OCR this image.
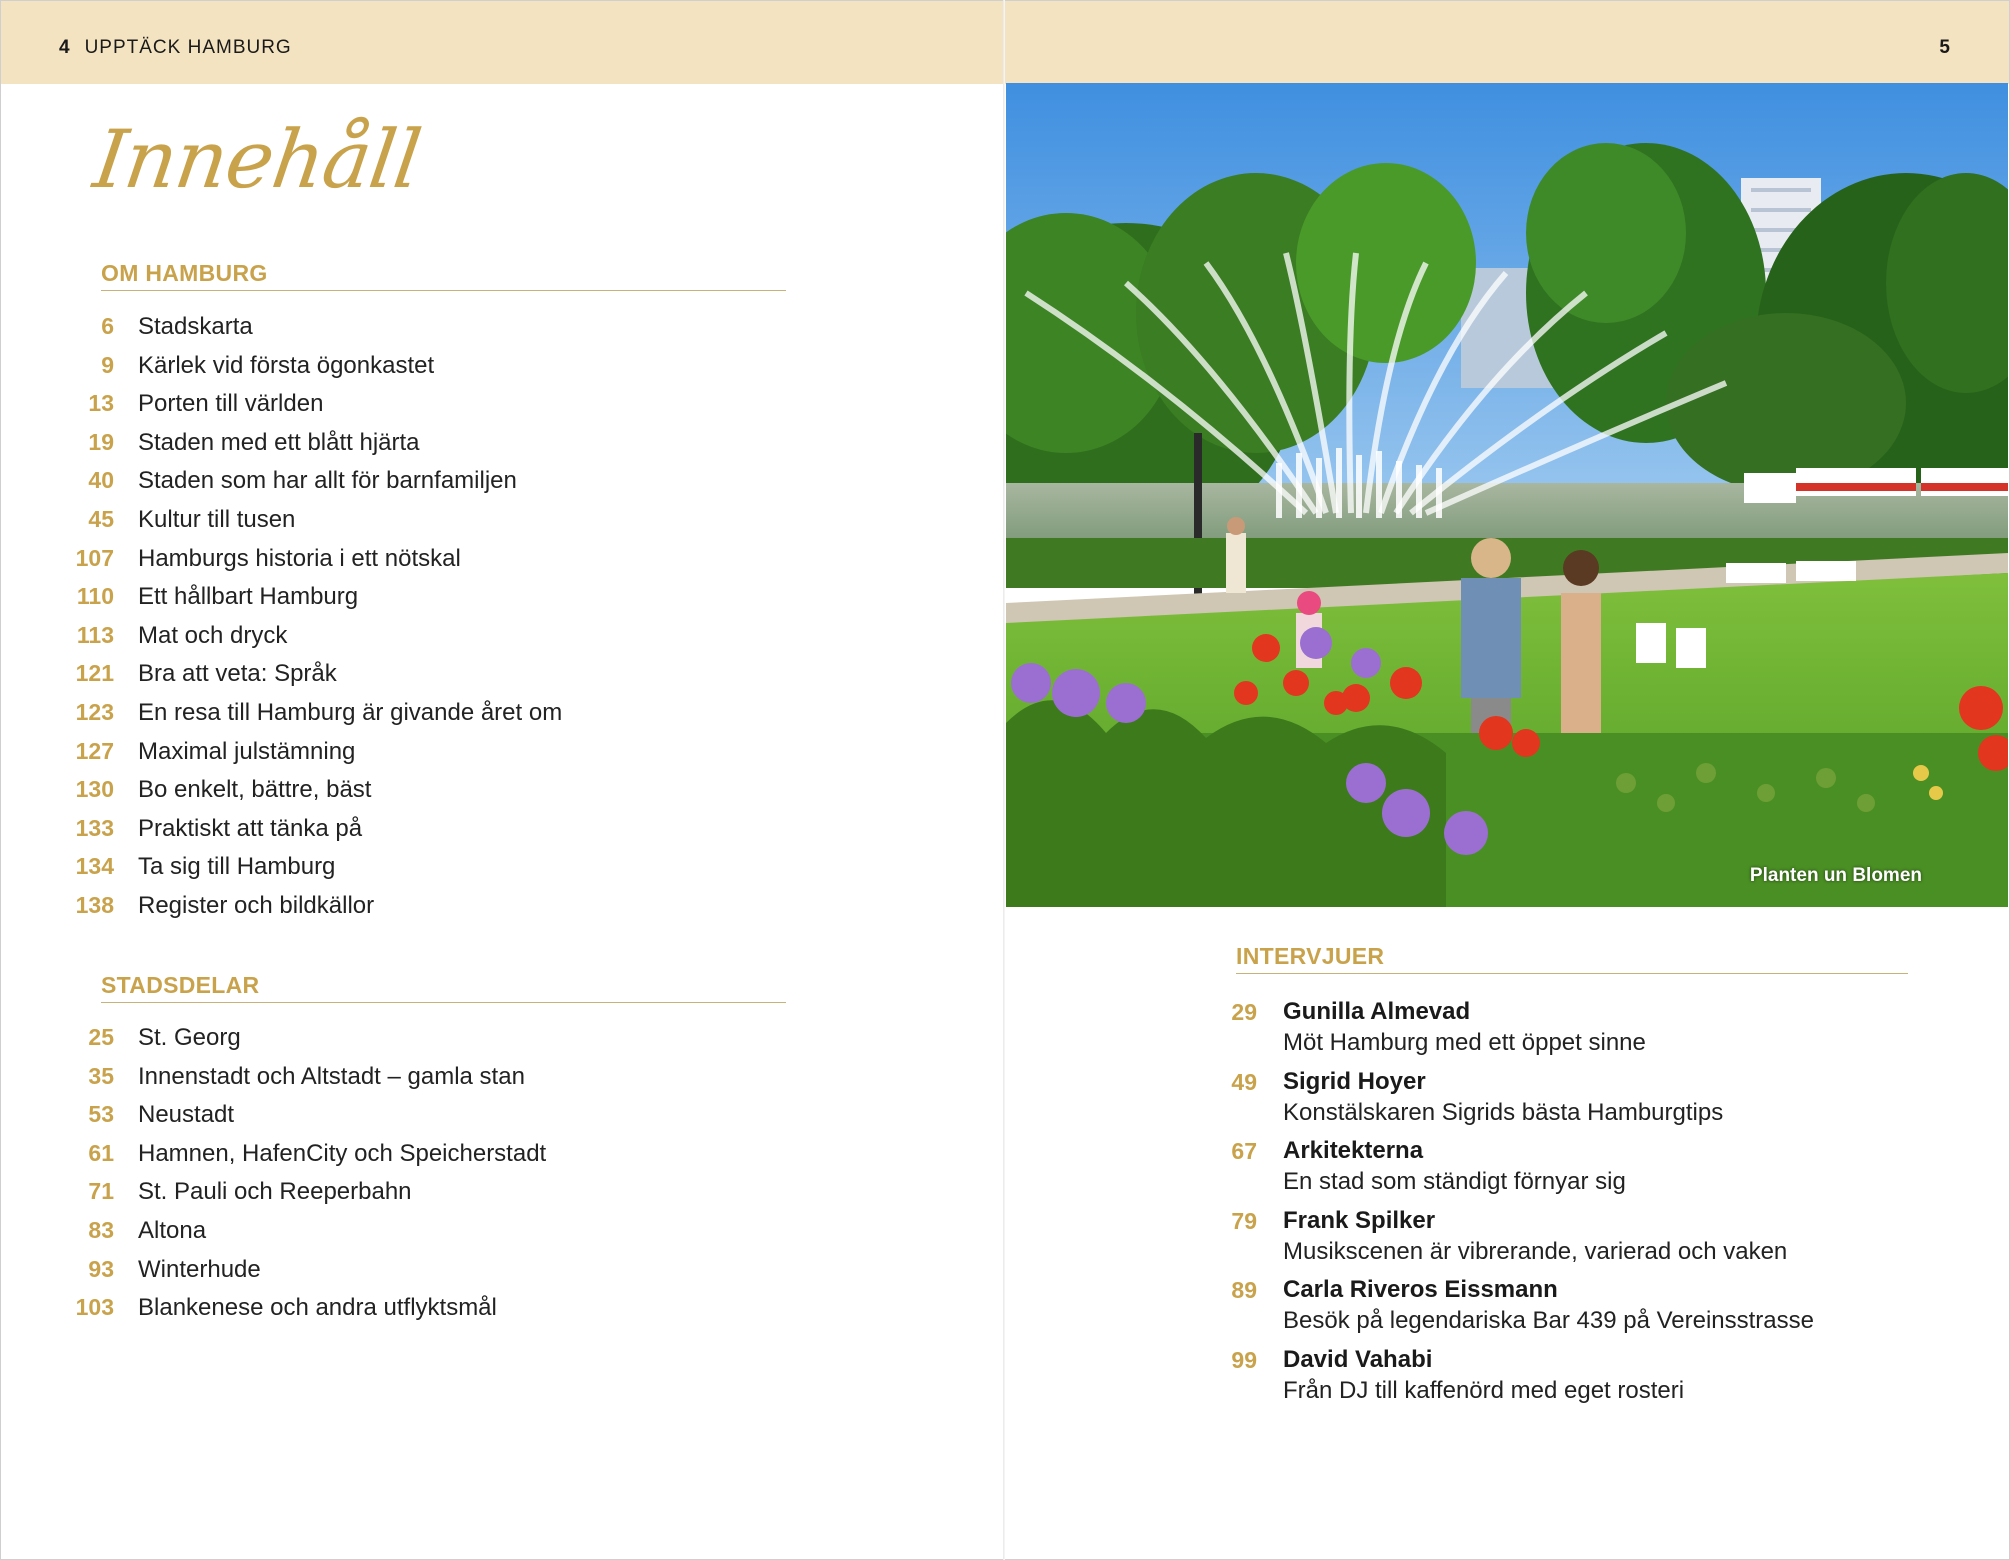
4 UPPTÄCK HAMBURG
Innehåll
OM HAMBURG
6 Stadskarta
9 Kärlek vid första ögonkastet
13 Porten till världen
19 Staden med ett blått hjärta
40 Staden som har allt för barnfamiljen
45 Kultur till tusen
107 Hamburgs historia i ett nötskal
110 Ett hållbart Hamburg
113 Mat och dryck
121 Bra att veta: Språk
123 En resa till Hamburg är givande året om
127 Maximal julstämning
130 Bo enkelt, bättre, bäst
133 Praktiskt att tänka på
134 Ta sig till Hamburg
138 Register och bildkällor
STADSDELAR
25 St. Georg
35 Innenstadt och Altstadt – gamla stan
53 Neustadt
61 Hamnen, HafenCity och Speicherstadt
71 St. Pauli och Reeperbahn
83 Altona
93 Winterhude
103 Blankenese och andra utflyktsmål
5
Planten un Blomen
INTERVJUER
29 Gunilla Almevad
Möt Hamburg med ett öppet sinne
49 Sigrid Hoyer
Konstälskaren Sigrids bästa Hamburgtips
67 Arkitekterna
En stad som ständigt förnyar sig
79 Frank Spilker
Musikscenen är vibrerande, varierad och vaken
89 Carla Riveros Eissmann
Besök på legendariska Bar 439 på Vereinsstrasse
99 David Vahabi
Från DJ till kaffenörd med eget rosteri
